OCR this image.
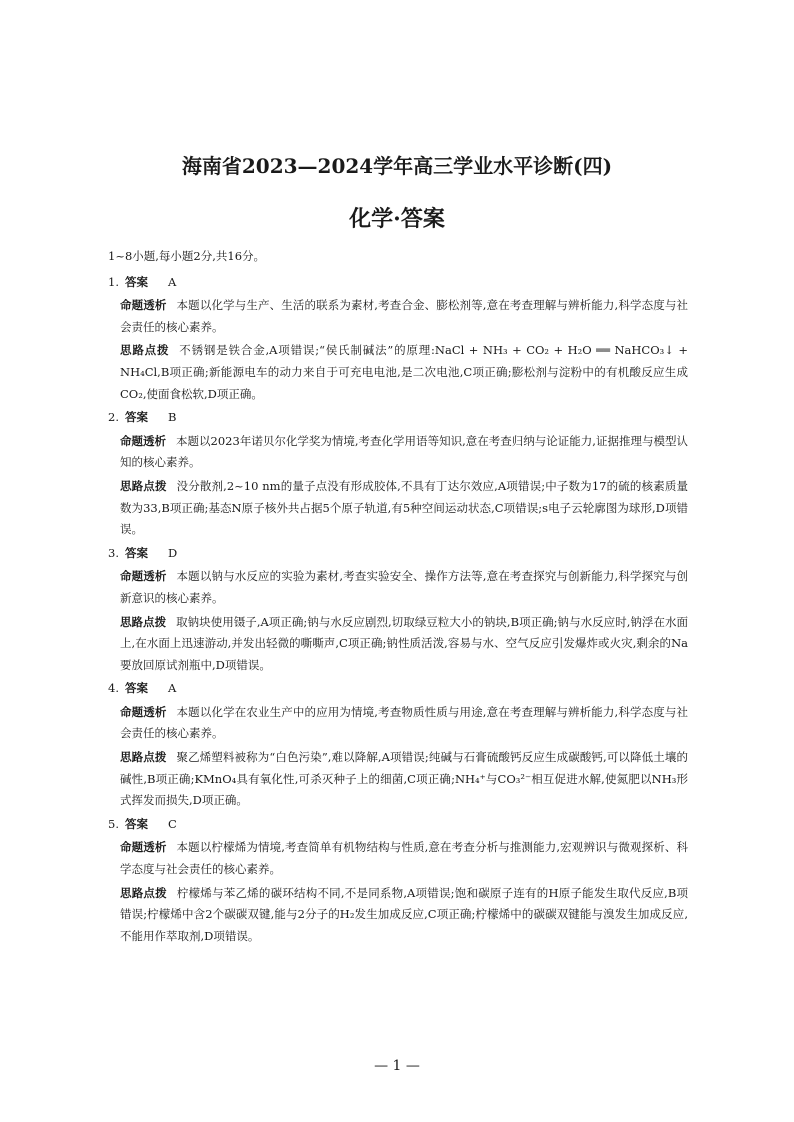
海南省2023—2024学年高三学业水平诊断(四)
化学·答案

1~8小题,每小题2分,共16分。

1. 答案 A

命题透析 本题以化学与生产、生活的联系为素材,考查合金、膨松剂等,意在考查理解与辨析能力,科学态度与社会责任的核心素养。

思路点拨 不锈钢是铁合金,A项错误;“侯氏制碱法”的原理:NaCl + NH₃ + CO₂ + H₂O ══ NaHCO₃↓ + NH₄Cl,B项正确;新能源电车的动力来自于可充电电池,是二次电池,C项正确;膨松剂与淀粉中的有机酸反应生成CO₂,使面食松软,D项正确。

2. 答案 B

命题透析 本题以2023年诺贝尔化学奖为情境,考查化学用语等知识,意在考查归纳与论证能力,证据推理与模型认知的核心素养。

思路点拨 没分散剂,2~10 nm的量子点没有形成胶体,不具有丁达尔效应,A项错误;中子数为17的硫的核素质量数为33,B项正确;基态N原子核外共占据5个原子轨道,有5种空间运动状态,C项错误;s电子云轮廓图为球形,D项错误。

3. 答案 D

命题透析 本题以钠与水反应的实验为素材,考查实验安全、操作方法等,意在考查探究与创新能力,科学探究与创新意识的核心素养。

思路点拨 取钠块使用镊子,A项正确;钠与水反应剧烈,切取绿豆粒大小的钠块,B项正确;钠与水反应时,钠浮在水面上,在水面上迅速游动,并发出轻微的嘶嘶声,C项正确;钠性质活泼,容易与水、空气反应引发爆炸或火灾,剩余的Na要放回原试剂瓶中,D项错误。

4. 答案 A

命题透析 本题以化学在农业生产中的应用为情境,考查物质性质与用途,意在考查理解与辨析能力,科学态度与社会责任的核心素养。

思路点拨 聚乙烯塑料被称为“白色污染”,难以降解,A项错误;纯碱与石膏硫酸钙反应生成碳酸钙,可以降低土壤的碱性,B项正确;KMnO₄具有氧化性,可杀灭种子上的细菌,C项正确;NH₄⁺与CO₃²⁻相互促进水解,使氮肥以NH₃形式挥发而损失,D项正确。

5. 答案 C

命题透析 本题以柠檬烯为情境,考查简单有机物结构与性质,意在考查分析与推测能力,宏观辨识与微观探析、科学态度与社会责任的核心素养。

思路点拨 柠檬烯与苯乙烯的碳环结构不同,不是同系物,A项错误;饱和碳原子连有的H原子能发生取代反应,B项错误;柠檬烯中含2个碳碳双键,能与2分子的H₂发生加成反应,C项正确;柠檬烯中的碳碳双键能与溴发生加成反应,不能用作萃取剂,D项错误。

— 1 —
